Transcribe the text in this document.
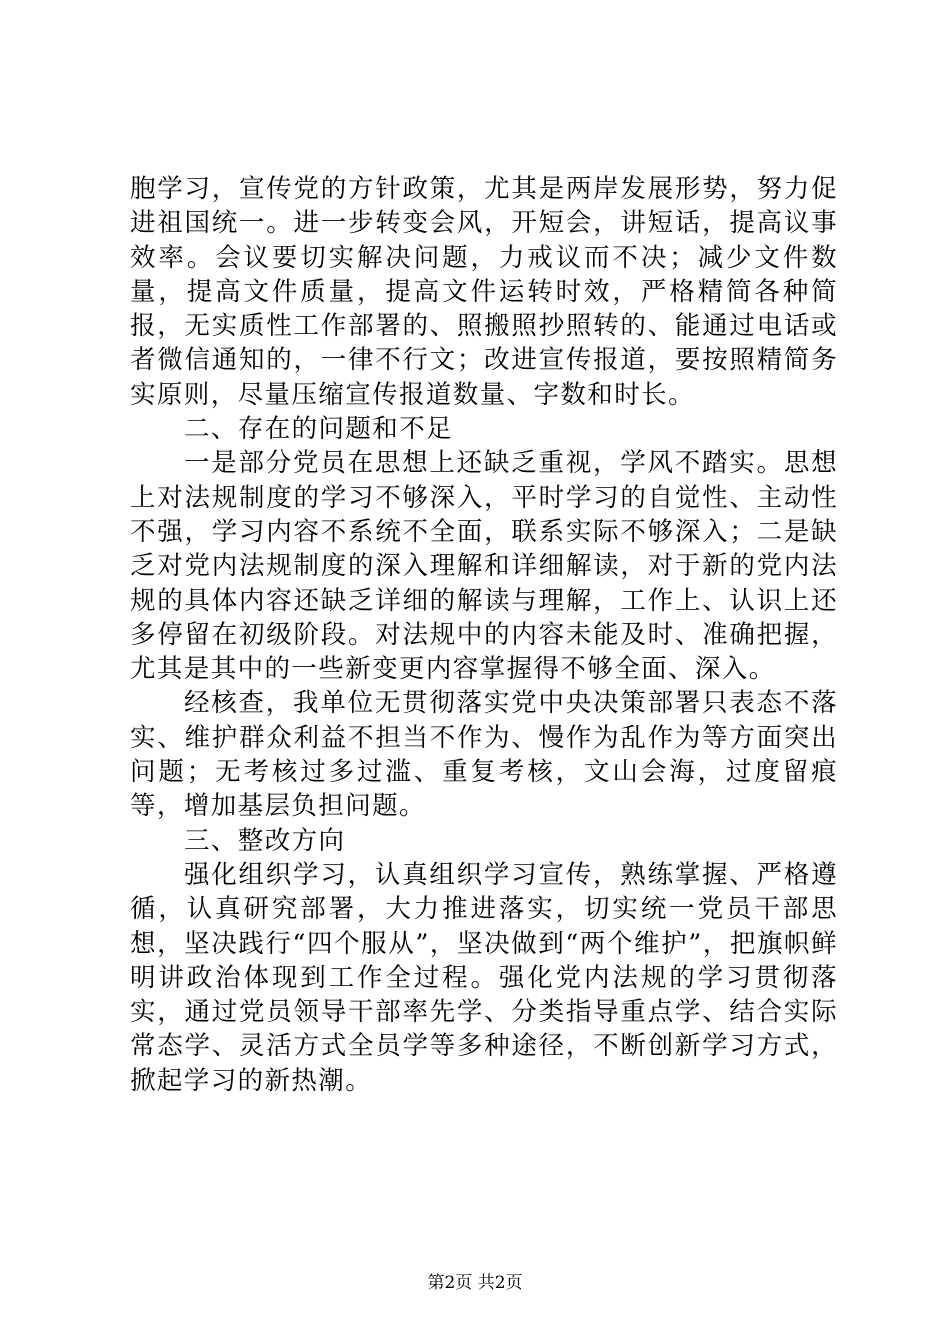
胞学习，宣传党的方针政策，尤其是两岸发展形势，努力促进祖国统一。进一步转变会风，开短会，讲短话，提高议事效率。会议要切实解决问题，力戒议而不决；减少文件数量，提高文件质量，提高文件运转时效，严格精简各种简报，无实质性工作部署的、照搬照抄照转的、能通过电话或者微信通知的，一律不行文；改进宣传报道，要按照精简务实原则，尽量压缩宣传报道数量、字数和时长。

二、存在的问题和不足

一是部分党员在思想上还缺乏重视，学风不踏实。思想上对法规制度的学习不够深入，平时学习的自觉性、主动性不强，学习内容不系统不全面，联系实际不够深入；二是缺乏对党内法规制度的深入理解和详细解读，对于新的党内法规的具体内容还缺乏详细的解读与理解，工作上、认识上还多停留在初级阶段。对法规中的内容未能及时、准确把握，尤其是其中的一些新变更内容掌握得不够全面、深入。

经核查，我单位无贯彻落实党中央决策部署只表态不落实、维护群众利益不担当不作为、慢作为乱作为等方面突出问题；无考核过多过滥、重复考核，文山会海，过度留痕等，增加基层负担问题。

三、整改方向

强化组织学习，认真组织学习宣传，熟练掌握、严格遵循，认真研究部署，大力推进落实，切实统一党员干部思想，坚决践行“四个服从”，坚决做到“两个维护”，把旗帜鲜明讲政治体现到工作全过程。强化党内法规的学习贯彻落实，通过党员领导干部率先学、分类指导重点学、结合实际常态学、灵活方式全员学等多种途径，不断创新学习方式，掀起学习的新热潮。

第2页 共2页
